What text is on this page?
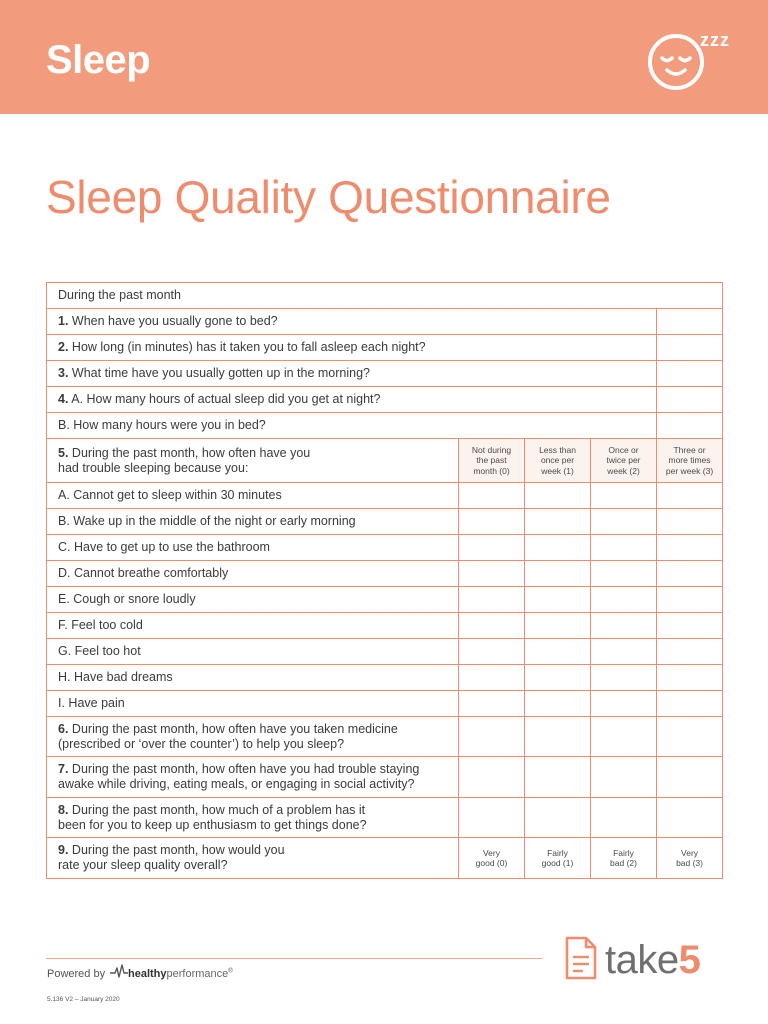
Sleep	zzz
Sleep Quality Questionnaire
During the past month				
1. When have you usually gone to bed?				
2. How long (in minutes) has it taken you to fall asleep each night?				
3. What time have you usually gotten up in the morning?				
4. A. How many hours of actual sleep did you get at night?				
B. How many hours were you in bed?				
5. During the past month, how often have you
had trouble sleeping because you:	Not during
the past
month (0)	Less than
once per
week (1)	Once or
twice per
week (2)	Three or
more times
per week (3)
A. Cannot get to sleep within 30 minutes				
B. Wake up in the middle of the night or early morning				
C. Have to get up to use the bathroom				
D. Cannot breathe comfortably				
E. Cough or snore loudly				
F. Feel too cold				
G. Feel too hot				
H. Have bad dreams				
I. Have pain				
6. During the past month, how often have you taken medicine
(prescribed or ‘over the counter’) to help you sleep?				
7. During the past month, how often have you had trouble staying
awake while driving, eating meals, or engaging in social activity?				
8. During the past month, how much of a problem has it
been for you to keep up enthusiasm to get things done?				
9. During the past month, how would you
rate your sleep quality overall?	Very
good (0)	Fairly
good (1)	Fairly
bad (2)	Very
bad (3)
Powered by healthyperformance®
5.136 V2 – January 2020
take5
